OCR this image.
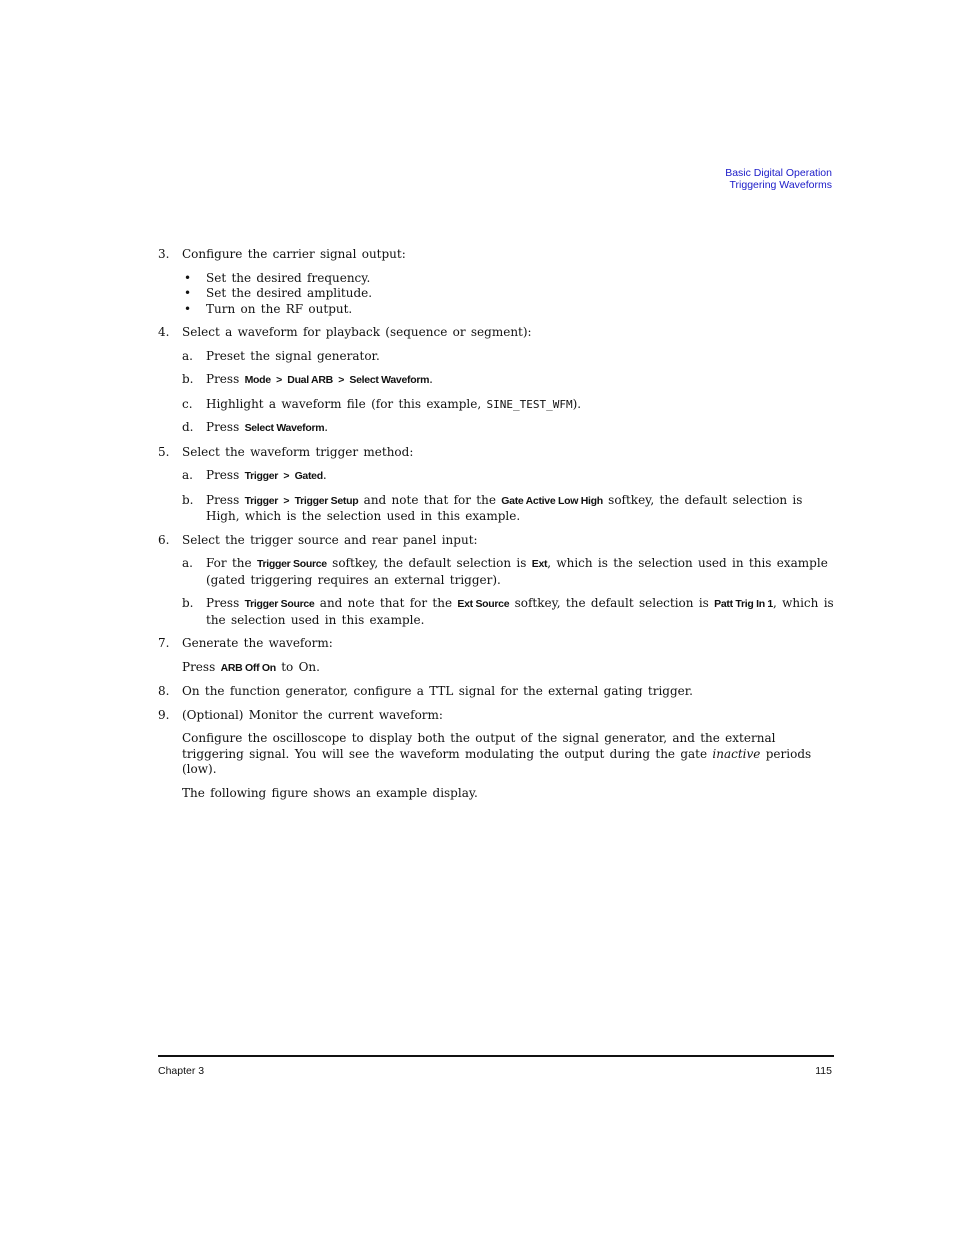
Basic Digital Operation
Triggering Waveforms
3. Configure the carrier signal output:
• Set the desired frequency.
• Set the desired amplitude.
• Turn on the RF output.
4. Select a waveform for playback (sequence or segment):
a. Preset the signal generator.
b. Press Mode > Dual ARB > Select Waveform.
c. Highlight a waveform file (for this example, SINE_TEST_WFM).
d. Press Select Waveform.
5. Select the waveform trigger method:
a. Press Trigger > Gated.
b. Press Trigger > Trigger Setup and note that for the Gate Active Low High softkey, the default selection is High, which is the selection used in this example.
6. Select the trigger source and rear panel input:
a. For the Trigger Source softkey, the default selection is Ext, which is the selection used in this example (gated triggering requires an external trigger).
b. Press Trigger Source and note that for the Ext Source softkey, the default selection is Patt Trig In 1, which is the selection used in this example.
7. Generate the waveform:
Press ARB Off On to On.
8. On the function generator, configure a TTL signal for the external gating trigger.
9. (Optional) Monitor the current waveform:
Configure the oscilloscope to display both the output of the signal generator, and the external triggering signal. You will see the waveform modulating the output during the gate inactive periods (low).
The following figure shows an example display.
Chapter 3	115
